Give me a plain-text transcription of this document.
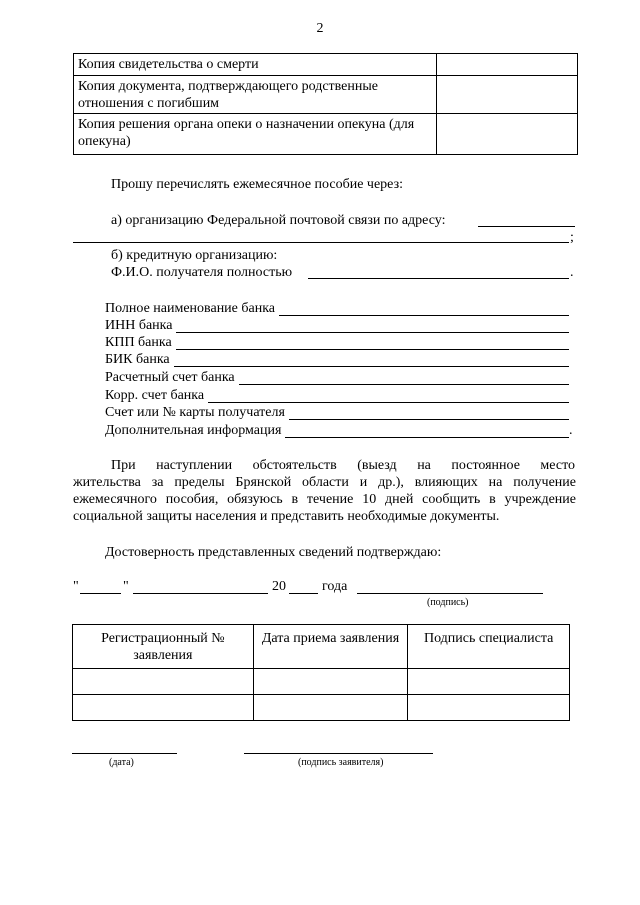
2
Копия свидетельства о смерти	
Копия документа, подтверждающего родственные отношения с погибшим	
Копия решения органа опеки о назначении опекуна (для опекуна)	
Прошу перечислять ежемесячное пособие через:
а) организацию Федеральной почтовой связи по адресу:
;
б) кредитную организацию:
Ф.И.О. получателя полностью	.
Полное наименование банка
ИНН банка
КПП банка
БИК банка
Расчетный счет банка
Корр. счет банка
Счет или № карты получателя
Дополнительная информация	.
При наступлении обстоятельств (выезд на постоянное место
жительства за пределы Брянской области и др.), влияющих на получение
ежемесячного пособия, обязуюсь в течение 10 дней сообщить в учреждение
социальной защиты населения и представить необходимые документы.
Достоверность представленных сведений подтверждаю:
"	"	20	года
(подпись)
Регистрационный № заявления	Дата приема заявления	Подпись специалиста

(дата)	(подпись заявителя)
